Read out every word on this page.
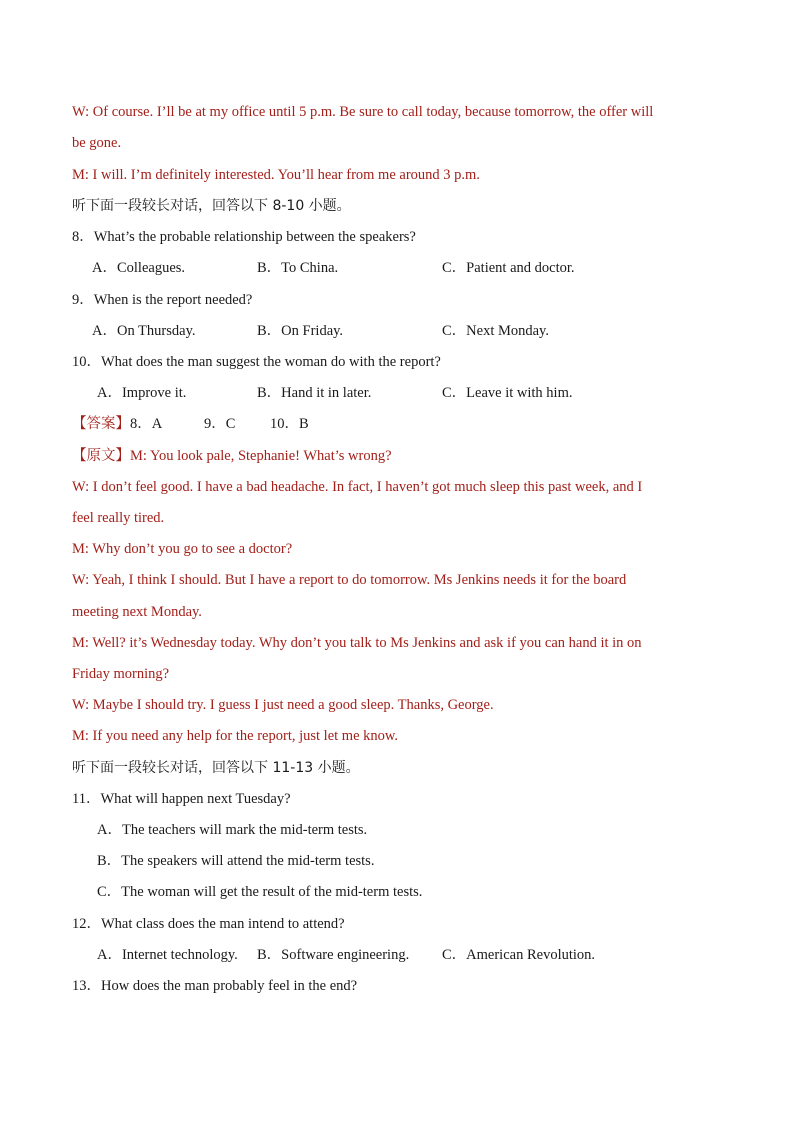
W: Of course. I’ll be at my office until 5 p.m. Be sure to call today, because tomorrow, the offer will
be gone.
M: I will. I’m definitely interested. You’ll hear from me around 3 p.m.
听下面一段较长对话，回答以下 8-10 小题。
8．What’s the probable relationship between the speakers?
A．Colleagues.	B．To China.	C．Patient and doctor.
9．When is the report needed?
A．On Thursday.	B．On Friday.	C．Next Monday.
10．What does the man suggest the woman do with the report?
A．Improve it.	B．Hand it in later.	C．Leave it with him.
【答案】8．A	9．C 10．B
【原文】M: You look pale, Stephanie! What’s wrong?
W: I don’t feel good. I have a bad headache. In fact, I haven’t got much sleep this past week, and I
feel really tired.
M: Why don’t you go to see a doctor?
W: Yeah, I think I should. But I have a report to do tomorrow. Ms Jenkins needs it for the board
meeting next Monday.
M: Well? it’s Wednesday today. Why don’t you talk to Ms Jenkins and ask if you can hand it in on
Friday morning?
W: Maybe I should try. I guess I just need a good sleep. Thanks, George.
M: If you need any help for the report, just let me know.
听下面一段较长对话，回答以下 11-13 小题。
11．What will happen next Tuesday?
A．The teachers will mark the mid-term tests.
B．The speakers will attend the mid-term tests.
C．The woman will get the result of the mid-term tests.
12．What class does the man intend to attend?
A．Internet technology. B．Software engineering. C．American Revolution.
13．How does the man probably feel in the end?
